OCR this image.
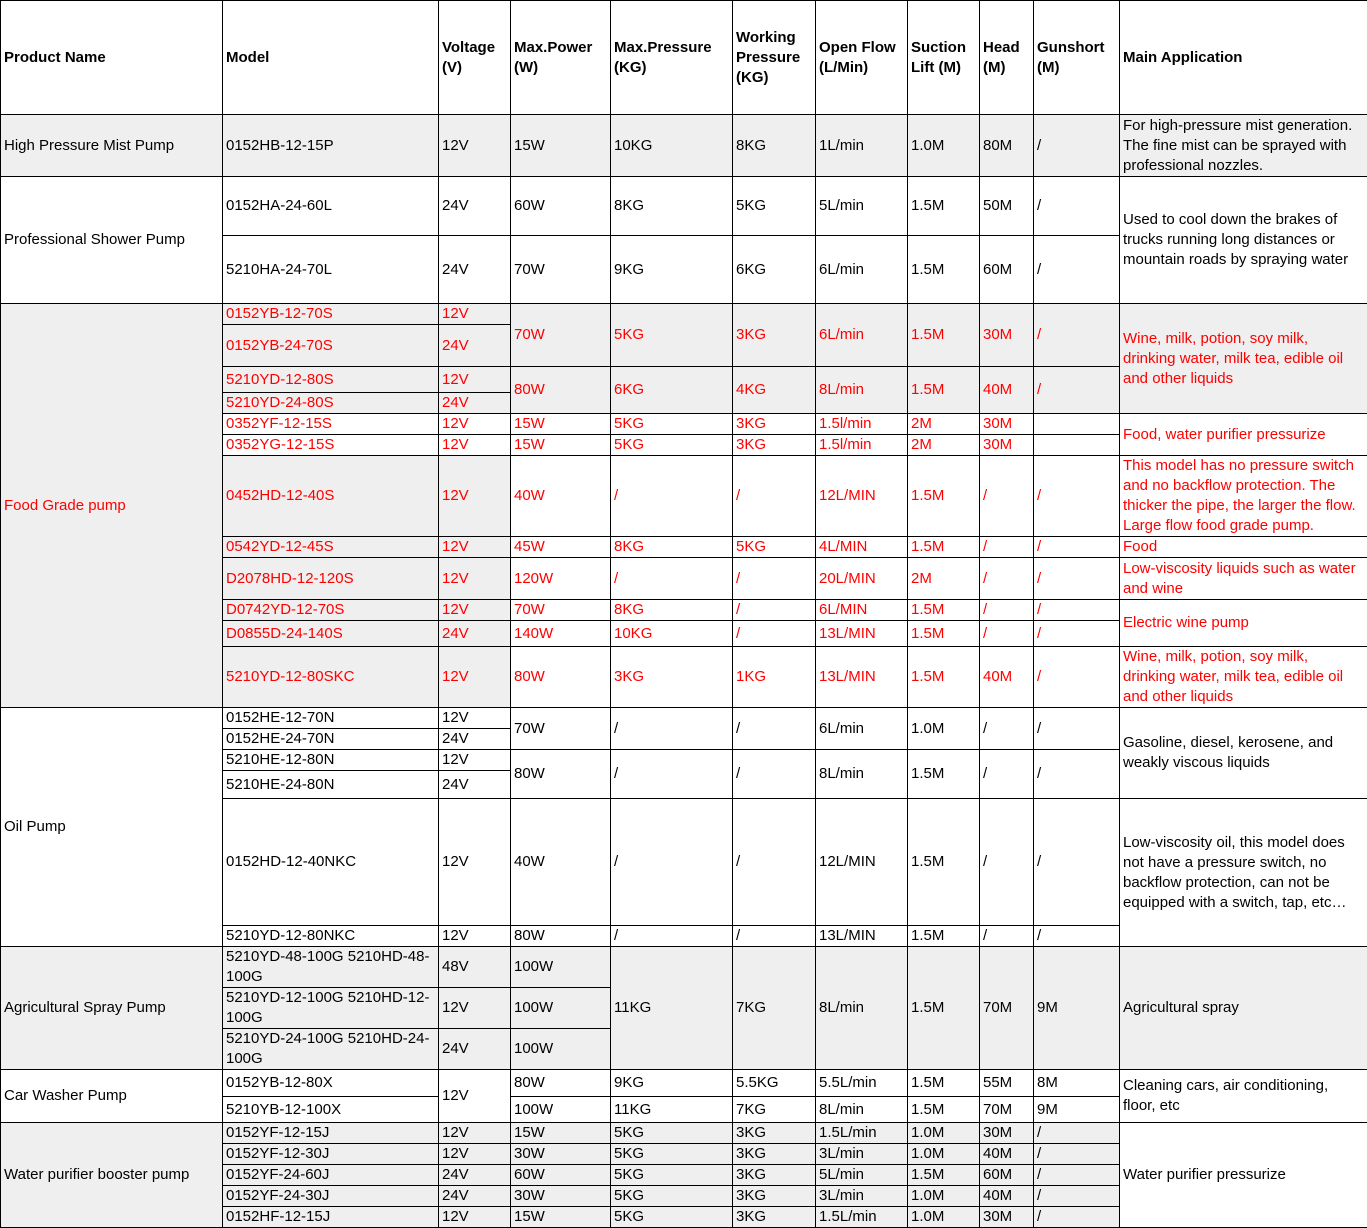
Product Name	Model	Voltage (V)	Max.Power (W)	Max.Pressure (KG)	Working Pressure (KG)	Open Flow (L/Min)	Suction Lift (M)	Head (M)	Gunshort (M)	Main Application
High Pressure Mist Pump	0152HB-12-15P	12V	15W	10KG	8KG	1L/min	1.0M	80M	/	For high-pressure mist generation. The fine mist can be sprayed with professional nozzles.
Professional Shower Pump	0152HA-24-60L	24V	60W	8KG	5KG	5L/min	1.5M	50M	/	Used to cool down the brakes of trucks running long distances or mountain roads by spraying water
	5210HA-24-70L	24V	70W	9KG	6KG	6L/min	1.5M	60M	/	
Food Grade pump	0152YB-12-70S	12V	70W	5KG	3KG	6L/min	1.5M	30M	/	Wine, milk, potion, soy milk, drinking water, milk tea, edible oil and other liquids
	0152YB-24-70S	24V								
	5210YD-12-80S	12V	80W	6KG	4KG	8L/min	1.5M	40M	/	
	5210YD-24-80S	24V								
	0352YF-12-15S	12V	15W	5KG	3KG	1.5l/min	2M	30M		Food, water purifier pressurize
	0352YG-12-15S	12V	15W	5KG	3KG	1.5l/min	2M	30M		
	0452HD-12-40S	12V	40W	/	/	12L/MIN	1.5M	/	/	This model has no pressure switch and no backflow protection. The thicker the pipe, the larger the flow. Large flow food grade pump.
	0542YD-12-45S	12V	45W	8KG	5KG	4L/MIN	1.5M	/	/	Food
	D2078HD-12-120S	12V	120W	/	/	20L/MIN	2M	/	/	Low-viscosity liquids such as water and wine
	D0742YD-12-70S	12V	70W	8KG	/	6L/MIN	1.5M	/	/	Electric wine pump
	D0855D-24-140S	24V	140W	10KG	/	13L/MIN	1.5M	/	/	
	5210YD-12-80SKC	12V	80W	3KG	1KG	13L/MIN	1.5M	40M	/	Wine, milk, potion, soy milk, drinking water, milk tea, edible oil and other liquids
Oil Pump	0152HE-12-70N	12V	70W	/	/	6L/min	1.0M	/	/	Gasoline, diesel, kerosene, and weakly viscous liquids
	0152HE-24-70N	24V								
	5210HE-12-80N	12V	80W	/	/	8L/min	1.5M	/	/	
	5210HE-24-80N	24V								
	0152HD-12-40NKC	12V	40W	/	/	12L/MIN	1.5M	/	/	Low-viscosity oil, this model does not have a pressure switch, no backflow protection, can not be equipped with a switch, tap, etc…
	5210YD-12-80NKC	12V	80W	/	/	13L/MIN	1.5M	/	/	
Agricultural Spray Pump	5210YD-48-100G 5210HD-48-100G	48V	100W	11KG	7KG	8L/min	1.5M	70M	9M	Agricultural spray
	5210YD-12-100G 5210HD-12-100G	12V	100W							
	5210YD-24-100G 5210HD-24-100G	24V	100W							
Car Washer Pump	0152YB-12-80X	12V	80W	9KG	5.5KG	5.5L/min	1.5M	55M	8M	Cleaning cars, air conditioning, floor, etc
	5210YB-12-100X		100W	11KG	7KG	8L/min	1.5M	70M	9M	
Water purifier booster pump	0152YF-12-15J	12V	15W	5KG	3KG	1.5L/min	1.0M	30M	/	Water purifier pressurize
	0152YF-12-30J	12V	30W	5KG	3KG	3L/min	1.0M	40M	/	
	0152YF-24-60J	24V	60W	5KG	3KG	5L/min	1.5M	60M	/	
	0152YF-24-30J	24V	30W	5KG	3KG	3L/min	1.0M	40M	/	
	0152HF-12-15J	12V	15W	5KG	3KG	1.5L/min	1.0M	30M	/	
